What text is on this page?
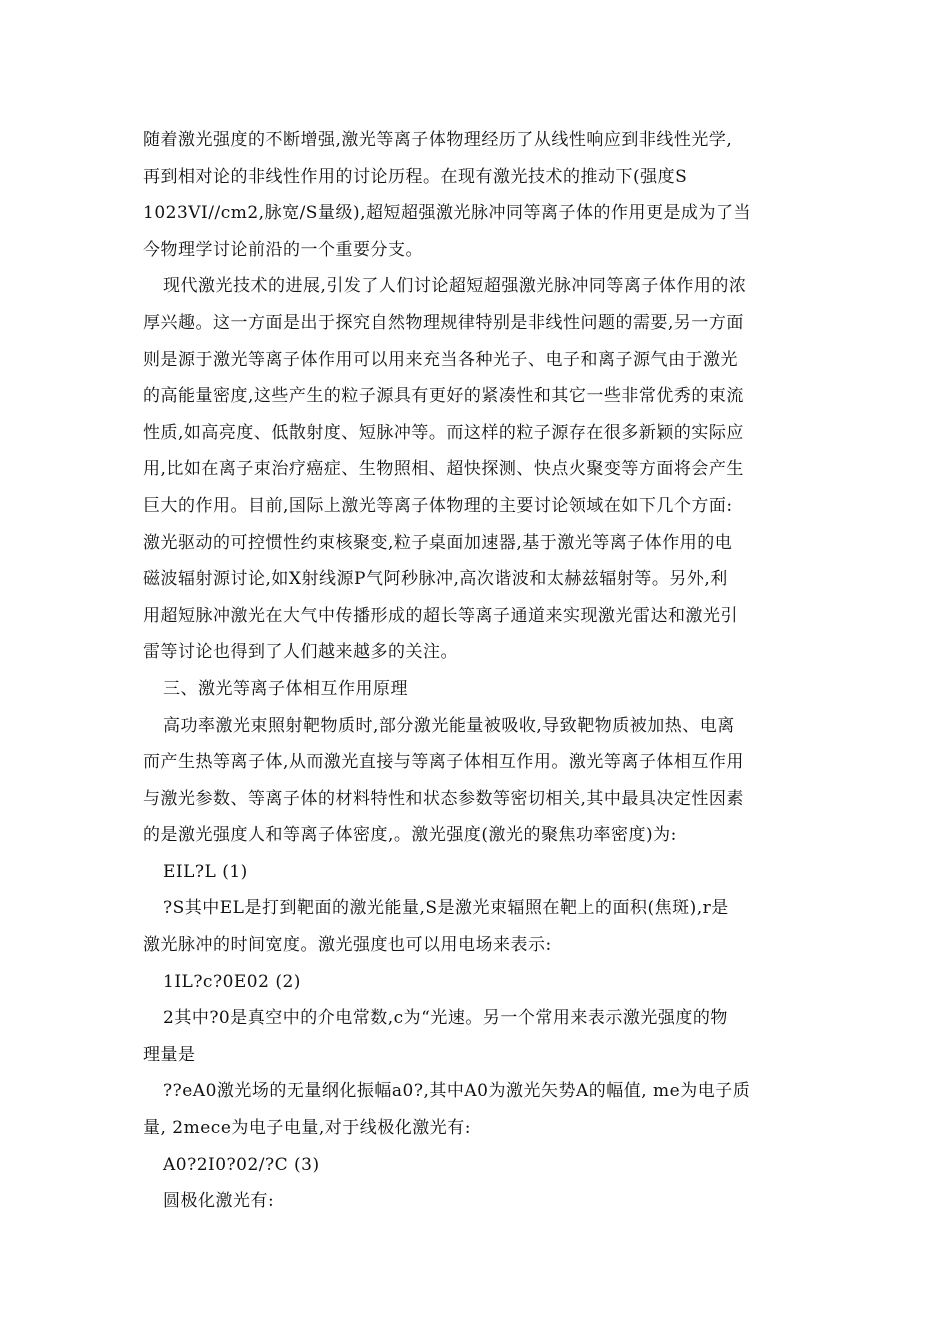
随着激光强度的不断增强,激光等离子体物理经历了从线性响应到非线性光学,
再到相对论的非线性作用的讨论历程。在现有激光技术的推动下(强度S
1023VI//cm2,脉宽/S量级),超短超强激光脉冲同等离子体的作用更是成为了当
今物理学讨论前沿的一个重要分支。
现代激光技术的进展,引发了人们讨论超短超强激光脉冲同等离子体作用的浓
厚兴趣。这一方面是出于探究自然物理规律特别是非线性问题的需要,另一方面
则是源于激光等离子体作用可以用来充当各种光子、电子和离子源气由于激光
的高能量密度,这些产生的粒子源具有更好的紧凑性和其它一些非常优秀的束流
性质,如高亮度、低散射度、短脉冲等。而这样的粒子源存在很多新颖的实际应
用,比如在离子束治疗癌症、生物照相、超快探测、快点火聚变等方面将会产生
巨大的作用。目前,国际上激光等离子体物理的主要讨论领域在如下几个方面:
激光驱动的可控惯性约束核聚变,粒子桌面加速器,基于激光等离子体作用的电
磁波辐射源讨论,如X射线源P气阿秒脉冲,高次谐波和太赫兹辐射等。另外,利
用超短脉冲激光在大气中传播形成的超长等离子通道来实现激光雷达和激光引
雷等讨论也得到了人们越来越多的关注。
三、激光等离子体相互作用原理
高功率激光束照射靶物质时,部分激光能量被吸收,导致靶物质被加热、电离
而产生热等离子体,从而激光直接与等离子体相互作用。激光等离子体相互作用
与激光参数、等离子体的材料特性和状态参数等密切相关,其中最具决定性因素
的是激光强度人和等离子体密度,。激光强度(激光的聚焦功率密度)为:
EIL?L (1)
?S其中EL是打到靶面的激光能量,S是激光束辐照在靶上的面积(焦斑),r是
激光脉冲的时间宽度。激光强度也可以用电场来表示:
1IL?c?0E02 (2)
2其中?0是真空中的介电常数,c为“光速。另一个常用来表示激光强度的物
理量是
??eA0激光场的无量纲化振幅a0?,其中A0为激光矢势A的幅值, me为电子质
量, 2mece为电子电量,对于线极化激光有:
A0?2I0?02/?C (3)
圆极化激光有:
